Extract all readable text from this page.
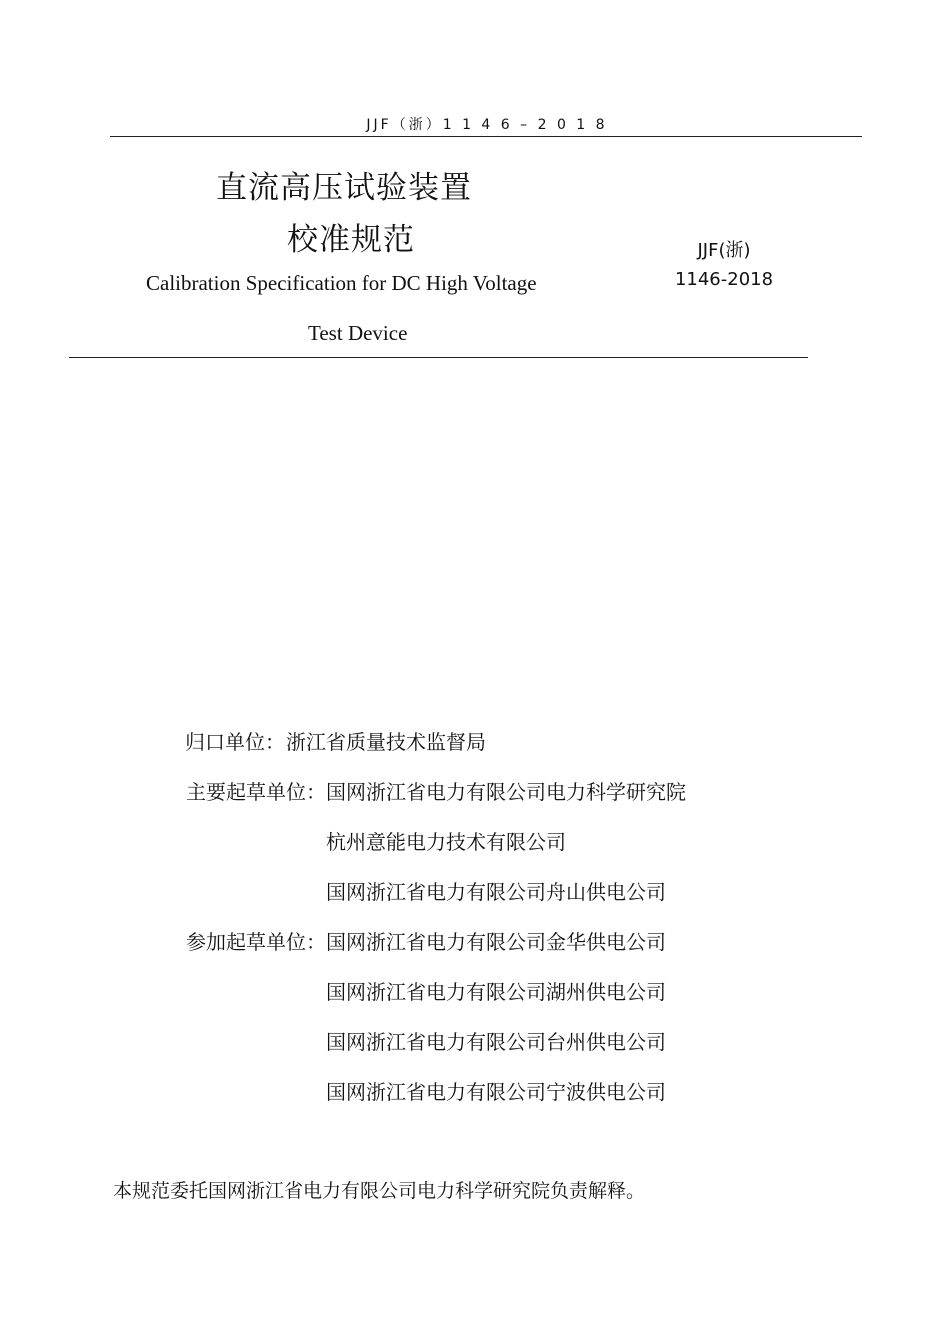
JJF（浙）1 1 4 6 – 2 0 1 8
直流高压试验装置
校准规范
Calibration Specification for DC High Voltage
Test Device
JJF(浙)
1146-2018
归口单位： 浙江省质量技术监督局
主要起草单位： 国网浙江省电力有限公司电力科学研究院
杭州意能电力技术有限公司
国网浙江省电力有限公司舟山供电公司
参加起草单位： 国网浙江省电力有限公司金华供电公司
国网浙江省电力有限公司湖州供电公司
国网浙江省电力有限公司台州供电公司
国网浙江省电力有限公司宁波供电公司
本规范委托国网浙江省电力有限公司电力科学研究院负责解释。
